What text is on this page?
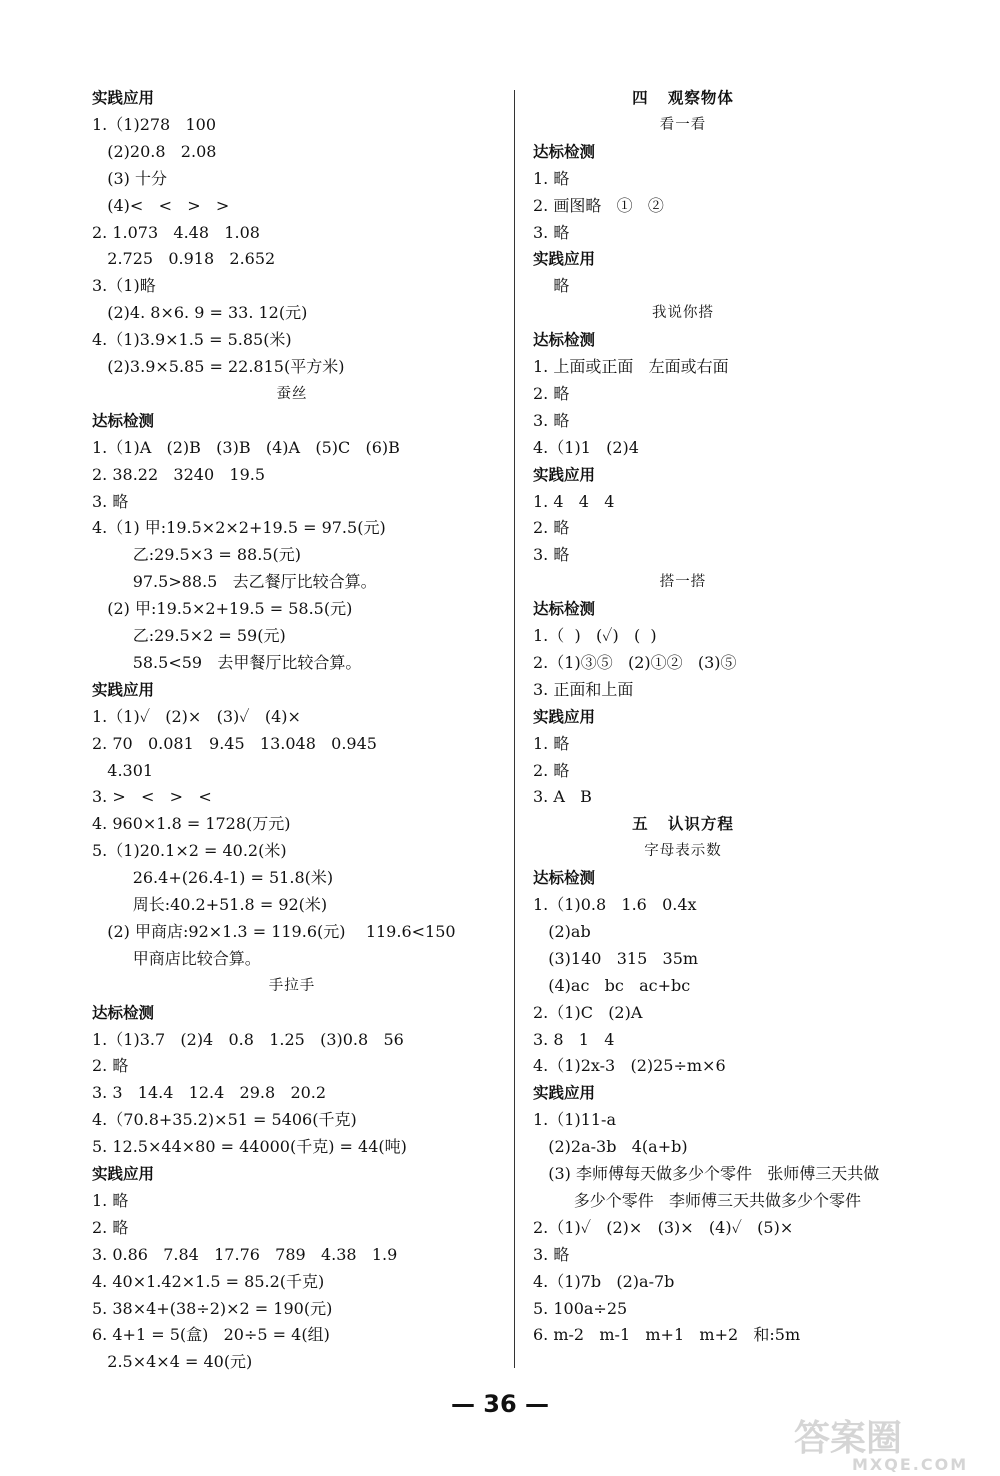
实践应用
1.（1)278   100
(2)20.8   2.08
(3) 十分
(4)<   <   >   >
2. 1.073   4.48   1.08
2.725   0.918   2.652
3.（1)略
(2)4. 8×6. 9 = 33. 12(元)
4.（1)3.9×1.5 = 5.85(米)
(2)3.9×5.85 = 22.815(平方米)
蚕丝
达标检测
1.（1)A   (2)B   (3)B   (4)A   (5)C   (6)B
2. 38.22   3240   19.5
3. 略
4.（1) 甲:19.5×2×2+19.5 = 97.5(元)
乙:29.5×3 = 88.5(元)
97.5>88.5   去乙餐厅比较合算。
(2) 甲:19.5×2+19.5 = 58.5(元)
乙:29.5×2 = 59(元)
58.5<59   去甲餐厅比较合算。
实践应用
1.（1)✓   (2)×   (3)✓   (4)×
2. 70   0.081   9.45   13.048   0.945
4.301
3. >   <   >   <
4. 960×1.8 = 1728(万元)
5.（1)20.1×2 = 40.2(米)
26.4+(26.4-1) = 51.8(米)
周长:40.2+51.8 = 92(米)
(2) 甲商店:92×1.3 = 119.6(元)    119.6<150
甲商店比较合算。
手拉手
达标检测
1.（1)3.7   (2)4   0.8   1.25   (3)0.8   56
2. 略
3. 3   14.4   12.4   29.8   20.2
4.（70.8+35.2)×51 = 5406(千克)
5. 12.5×44×80 = 44000(千克) = 44(吨)
实践应用
1. 略
2. 略
3. 0.86   7.84   17.76   789   4.38   1.9
4. 40×1.42×1.5 = 85.2(千克)
5. 38×4+(38÷2)×2 = 190(元)
6. 4+1 = 5(盒)   20÷5 = 4(组)
2.5×4×4 = 40(元)
四   观察物体
看一看
达标检测
1. 略
2. 画图略   ①   ②
3. 略
实践应用
略
我说你搭
达标检测
1. 上面或正面   左面或右面
2. 略
3. 略
4.（1)1   (2)4
实践应用
1. 4   4   4
2. 略
3. 略
搭一搭
达标检测
1.（  )   (✓)   (  )
2.（1)③⑤   (2)①②   (3)⑤
3. 正面和上面
实践应用
1. 略
2. 略
3. A   B
五   认识方程
字母表示数
达标检测
1.（1)0.8   1.6   0.4x
(2)ab
(3)140   315   35m
(4)ac   bc   ac+bc
2.（1)C   (2)A
3. 8   1   4
4.（1)2x-3   (2)25÷m×6
实践应用
1.（1)11-a
(2)2a-3b   4(a+b)
(3) 李师傅每天做多少个零件   张师傅三天共做
多少个零件   李师傅三天共做多少个零件
2.（1)✓   (2)×   (3)×   (4)✓   (5)×
3. 略
4.（1)7b   (2)a-7b
5. 100a÷25
6. m-2   m-1   m+1   m+2   和:5m
— 36 —
答案圈
MXQE.COM
